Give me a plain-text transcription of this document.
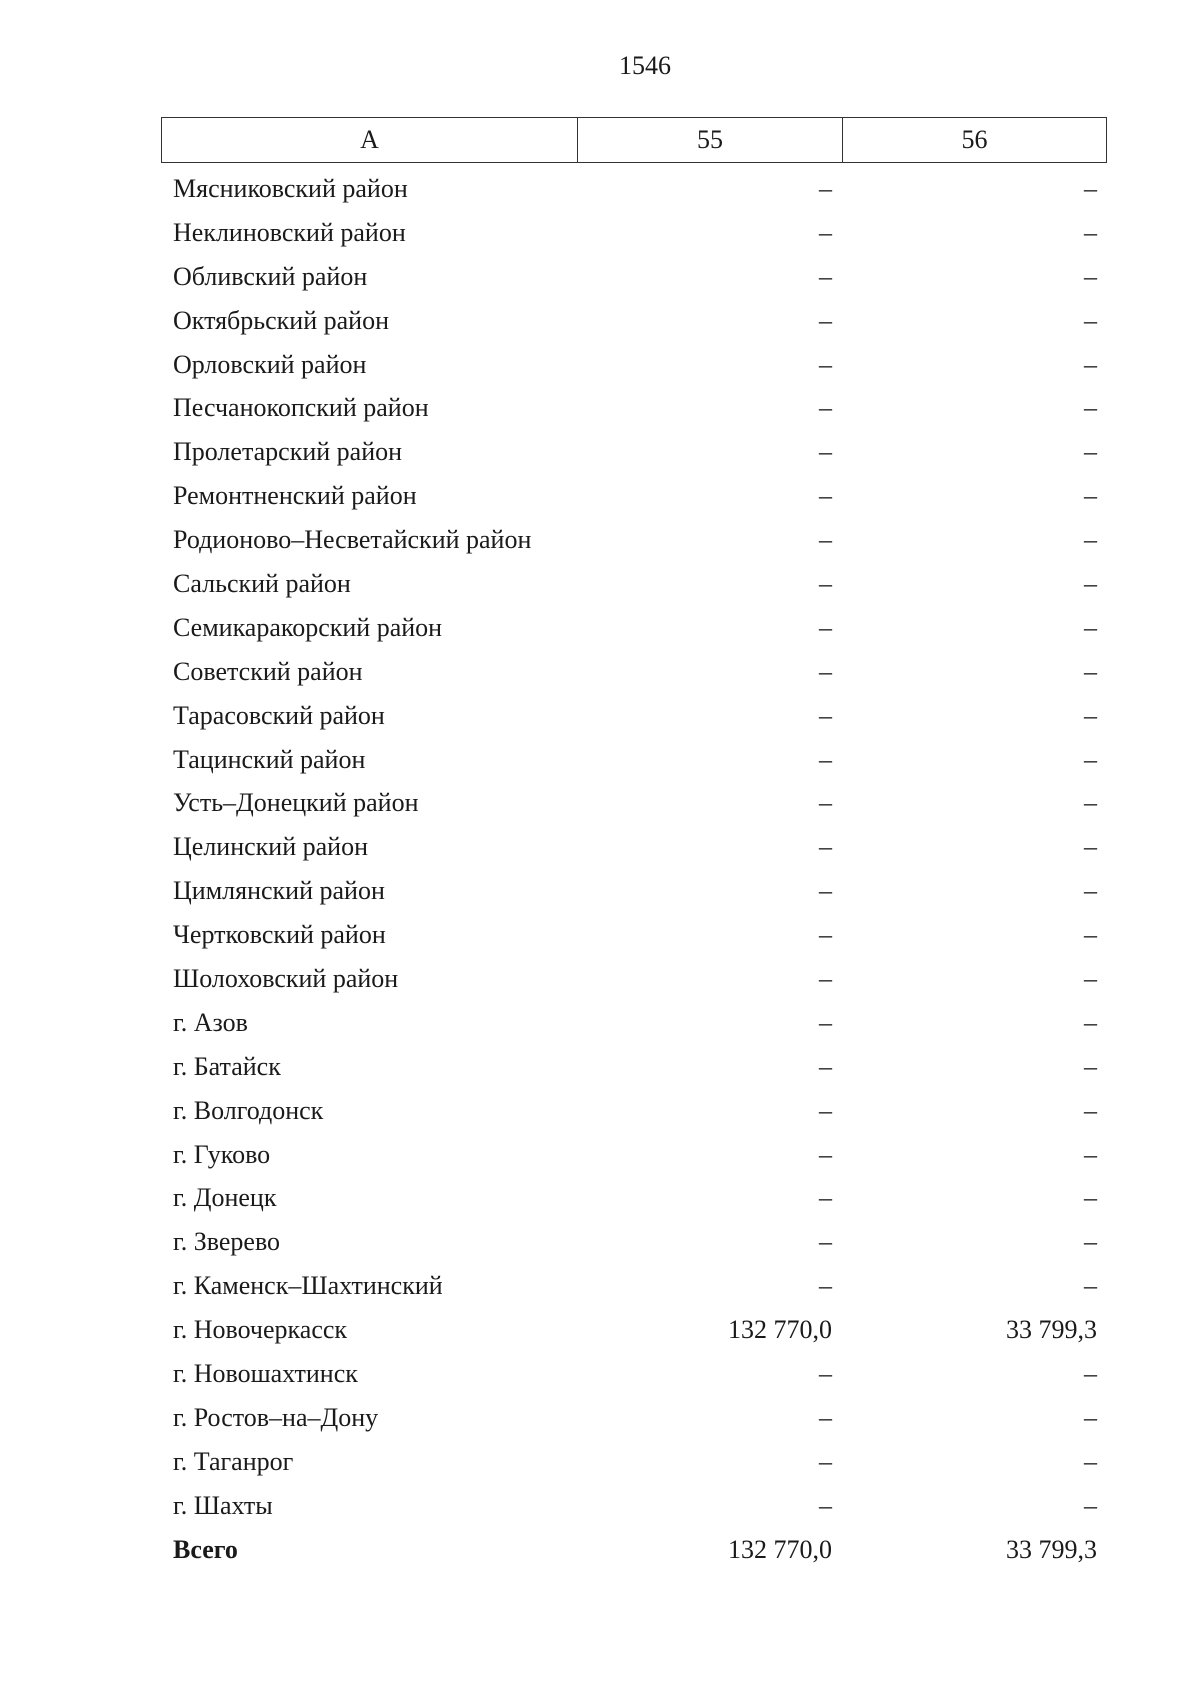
1546
А	55	56
Мясниковский район	–	–
Неклиновский район	–	–
Обливский район	–	–
Октябрьский район	–	–
Орловский район	–	–
Песчанокопский район	–	–
Пролетарский район	–	–
Ремонтненский район	–	–
Родионово–Несветайский район	–	–
Сальский район	–	–
Семикаракорский район	–	–
Советский район	–	–
Тарасовский район	–	–
Тацинский район	–	–
Усть–Донецкий район	–	–
Целинский район	–	–
Цимлянский район	–	–
Чертковский район	–	–
Шолоховский район	–	–
г. Азов	–	–
г. Батайск	–	–
г. Волгодонск	–	–
г. Гуково	–	–
г. Донецк	–	–
г. Зверево	–	–
г. Каменск–Шахтинский	–	–
г. Новочеркасск	132 770,0	33 799,3
г. Новошахтинск	–	–
г. Ростов–на–Дону	–	–
г. Таганрог	–	–
г. Шахты	–	–
Всего	132 770,0	33 799,3
